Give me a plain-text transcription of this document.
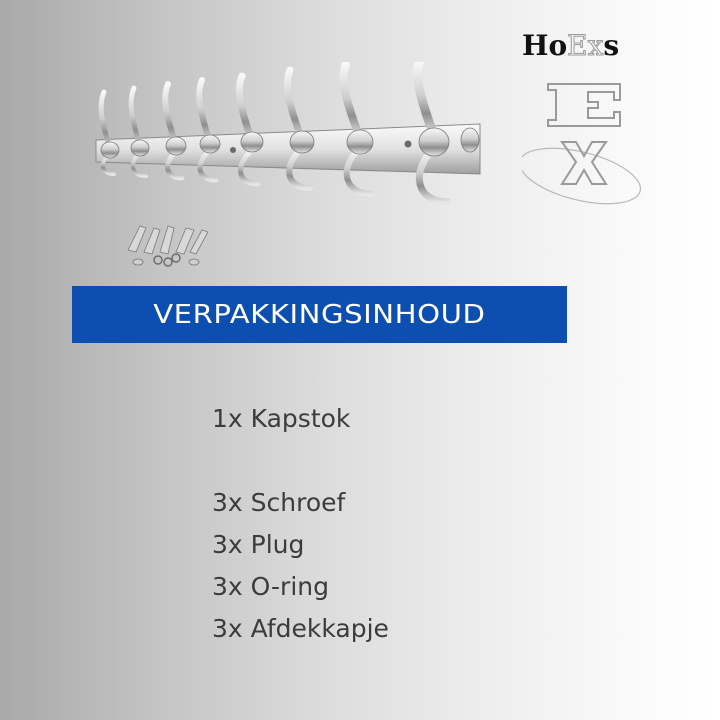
HoExs
VERPAKKINGSINHOUD
1x Kapstok
3x Schroef
3x Plug
3x O-ring
3x Afdekkapje
